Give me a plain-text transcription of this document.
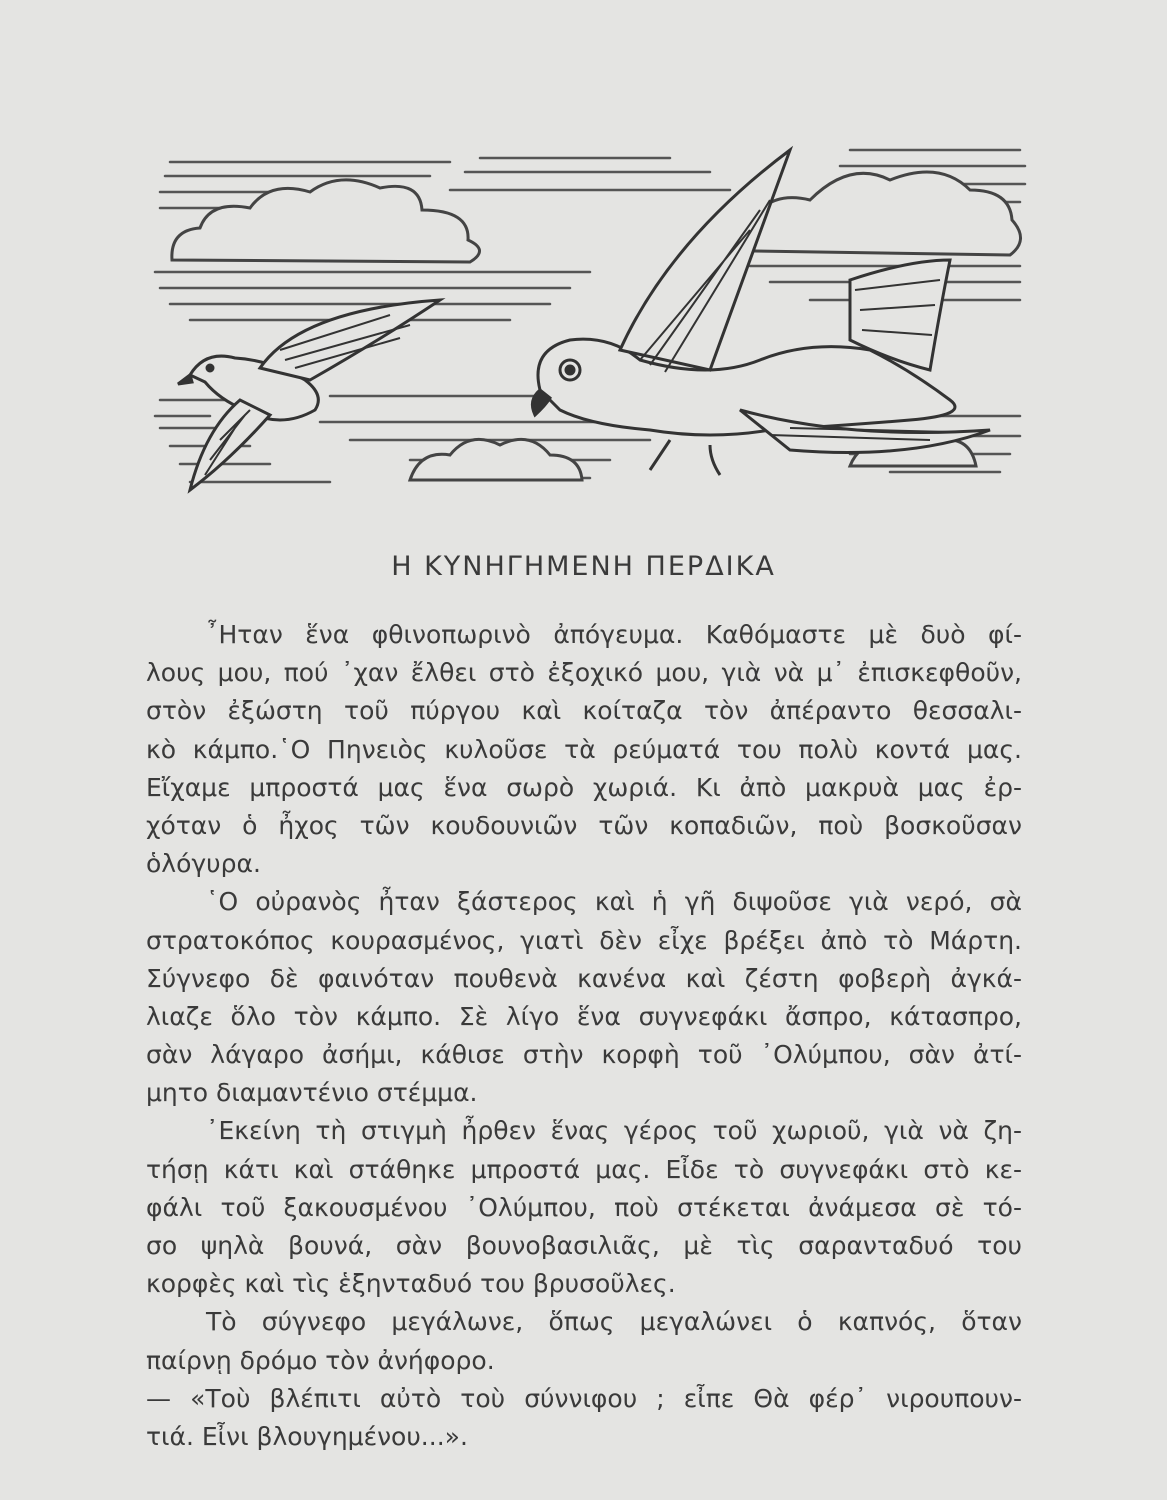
Η ΚΥΝΗΓΗΜΕΝΗ ΠΕΡΔΙΚΑ
῏Ηταν ἕνα φθινοπωρινὸ ἀπόγευμα. Καθόμαστε μὲ δυὸ φί-
λους μου, πού ᾿χαν ἔλθει στὸ ἐξοχικό μου, γιὰ νὰ μ᾿ ἐπισκεφθοῦν,
στὸν ἐξώστη τοῦ πύργου καὶ κοίταζα τὸν ἀπέραντο θεσσαλι-
κὸ κάμπο.῾Ο Πηνειὸς κυλοῦσε τὰ ρεύματά του πολὺ κοντά μας.
Εἴχαμε μπροστά μας ἕνα σωρὸ χωριά. Κι ἀπὸ μακρυὰ μας ἐρ-
χόταν ὁ ἦχος τῶν κουδουνιῶν τῶν κοπαδιῶν, ποὺ βοσκοῦσαν
ὁλόγυρα.
῾Ο οὐρανὸς ἦταν ξάστερος καὶ ἡ γῆ διψοῦσε γιὰ νερό, σὰ
στρατοκόπος κουρασμένος, γιατὶ δὲν εἶχε βρέξει ἀπὸ τὸ Μάρτη.
Σύγνεφο δὲ φαινόταν πουθενὰ κανένα καὶ ζέστη φοβερὴ ἀγκά-
λιαζε ὅλο τὸν κάμπο. Σὲ λίγο ἕνα συγνεφάκι ἄσπρο, κάτασπρο,
σὰν λάγαρο ἀσήμι, κάθισε στὴν κορφὴ τοῦ ᾿Ολύμπου, σὰν ἀτί-
μητο διαμαντένιο στέμμα.
᾿Εκείνη τὴ στιγμὴ ἦρθεν ἕνας γέρος τοῦ χωριοῦ, γιὰ νὰ ζη-
τήσῃ κάτι καὶ στάθηκε μπροστά μας. Εἶδε τὸ συγνεφάκι στὸ κε-
φάλι τοῦ ξακουσμένου ᾿Ολύμπου, ποὺ στέκεται ἀνάμεσα σὲ τό-
σο ψηλὰ βουνά, σὰν βουνοβασιλιᾶς, μὲ τὶς σαρανταδυό του
κορφὲς καὶ τὶς ἑξηνταδυό του βρυσοῦλες.
Τὸ σύγνεφο μεγάλωνε, ὅπως μεγαλώνει ὁ καπνός, ὅταν
παίρνῃ δρόμο τὸν ἀνήφορο.
— «Τοὺ βλέπιτι αὐτὸ τοὺ σύννιφου ; εἶπε Θὰ φέρ᾿ νιρουπουν-
τιά. Εἶνι βλουγημένου...».
